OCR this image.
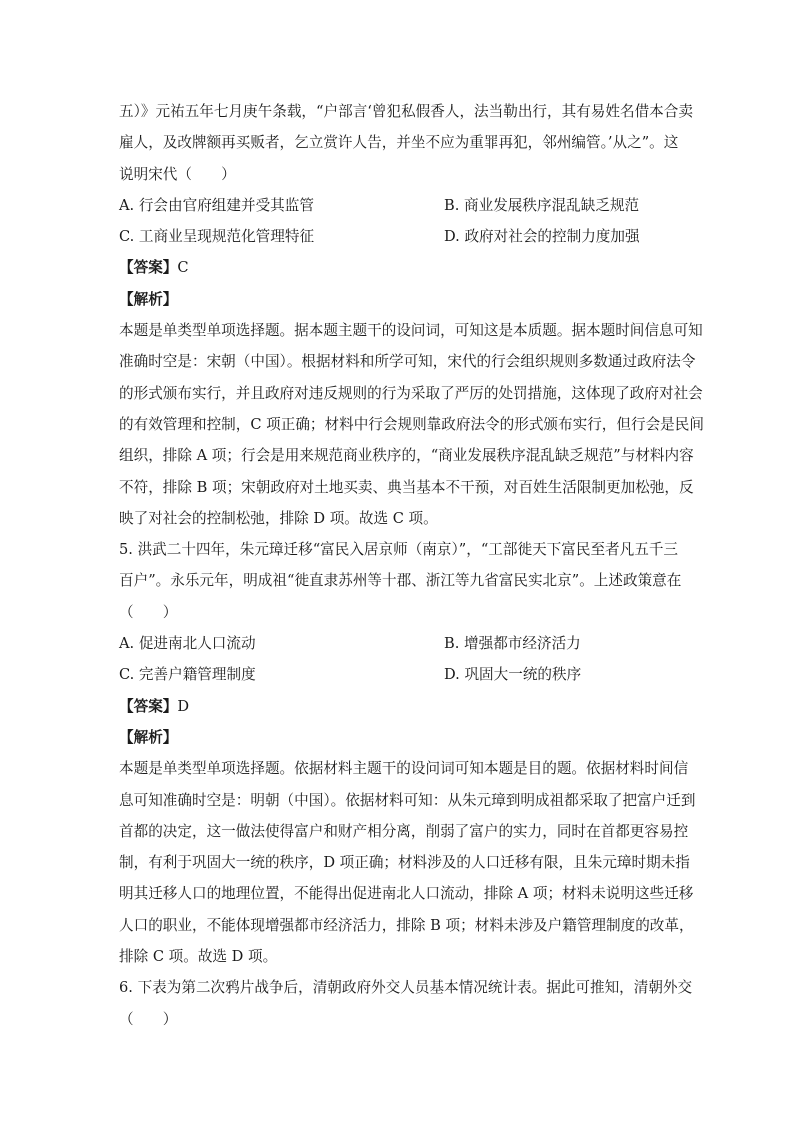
五）》元祐五年七月庚午条载，“户部言‘曾犯私假香人，法当勒出行，其有易姓名借本合卖
雇人，及改牌额再买贩者，乞立赏许人告，并坐不应为重罪再犯，邻州编管。’从之”。这
说明宋代（　　）
A. 行会由官府组建并受其监管	B. 商业发展秩序混乱缺乏规范
C. 工商业呈现规范化管理特征	D. 政府对社会的控制力度加强
【答案】C
【解析】
本题是单类型单项选择题。据本题主题干的设问词，可知这是本质题。据本题时间信息可知
准确时空是：宋朝（中国）。根据材料和所学可知，宋代的行会组织规则多数通过政府法令
的形式颁布实行，并且政府对违反规则的行为采取了严厉的处罚措施，这体现了政府对社会
的有效管理和控制，C 项正确；材料中行会规则靠政府法令的形式颁布实行，但行会是民间
组织，排除 A 项；行会是用来规范商业秩序的，“商业发展秩序混乱缺乏规范”与材料内容
不符，排除 B 项；宋朝政府对土地买卖、典当基本不干预，对百姓生活限制更加松弛，反
映了对社会的控制松弛，排除 D 项。故选 C 项。
5. 洪武二十四年，朱元璋迁移“富民入居京师（南京）”，“工部徙天下富民至者凡五千三
百户”。永乐元年，明成祖“徙直隶苏州等十郡、浙江等九省富民实北京”。上述政策意在
（　　）
A. 促进南北人口流动	B. 增强都市经济活力
C. 完善户籍管理制度	D. 巩固大一统的秩序
【答案】D
【解析】
本题是单类型单项选择题。依据材料主题干的设问词可知本题是目的题。依据材料时间信
息可知准确时空是：明朝（中国）。依据材料可知：从朱元璋到明成祖都采取了把富户迁到
首都的决定，这一做法使得富户和财产相分离，削弱了富户的实力，同时在首都更容易控
制，有利于巩固大一统的秩序，D 项正确；材料涉及的人口迁移有限，且朱元璋时期未指
明其迁移人口的地理位置，不能得出促进南北人口流动，排除 A 项；材料未说明这些迁移
人口的职业，不能体现增强都市经济活力，排除 B 项；材料未涉及户籍管理制度的改革，
排除 C 项。故选 D 项。
6. 下表为第二次鸦片战争后，清朝政府外交人员基本情况统计表。据此可推知，清朝外交
（　　）
